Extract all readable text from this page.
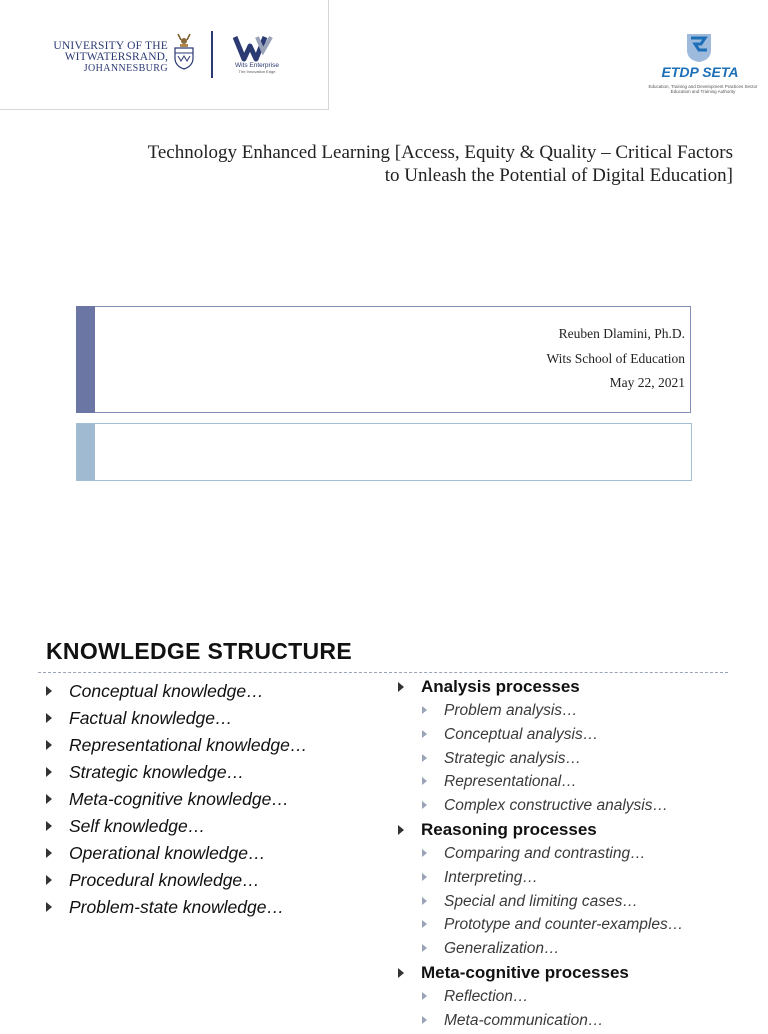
UNIVERSITY OF THE
WITWATERSRAND,
JOHANNESBURG	Wits Enterprise
The Innovation Edge	ETDP SETA
Education, Training and Development Practices Sector Education and Training Authority
Technology Enhanced Learning [Access, Equity & Quality – Critical Factors
to Unleash the Potential of Digital Education]
Reuben Dlamini, Ph.D.
Wits School of Education
May 22, 2021
KNOWLEDGE STRUCTURE
Conceptual knowledge…
Factual knowledge…
Representational knowledge…
Strategic knowledge…
Meta-cognitive knowledge…
Self knowledge…
Operational knowledge…
Procedural knowledge…
Problem-state knowledge…
Analysis processes
Problem analysis…
Conceptual analysis…
Strategic analysis…
Representational…
Complex constructive analysis…
Reasoning processes
Comparing and contrasting…
Interpreting…
Special and limiting cases…
Prototype and counter-examples…
Generalization…
Meta-cognitive processes
Reflection…
Meta-communication…
